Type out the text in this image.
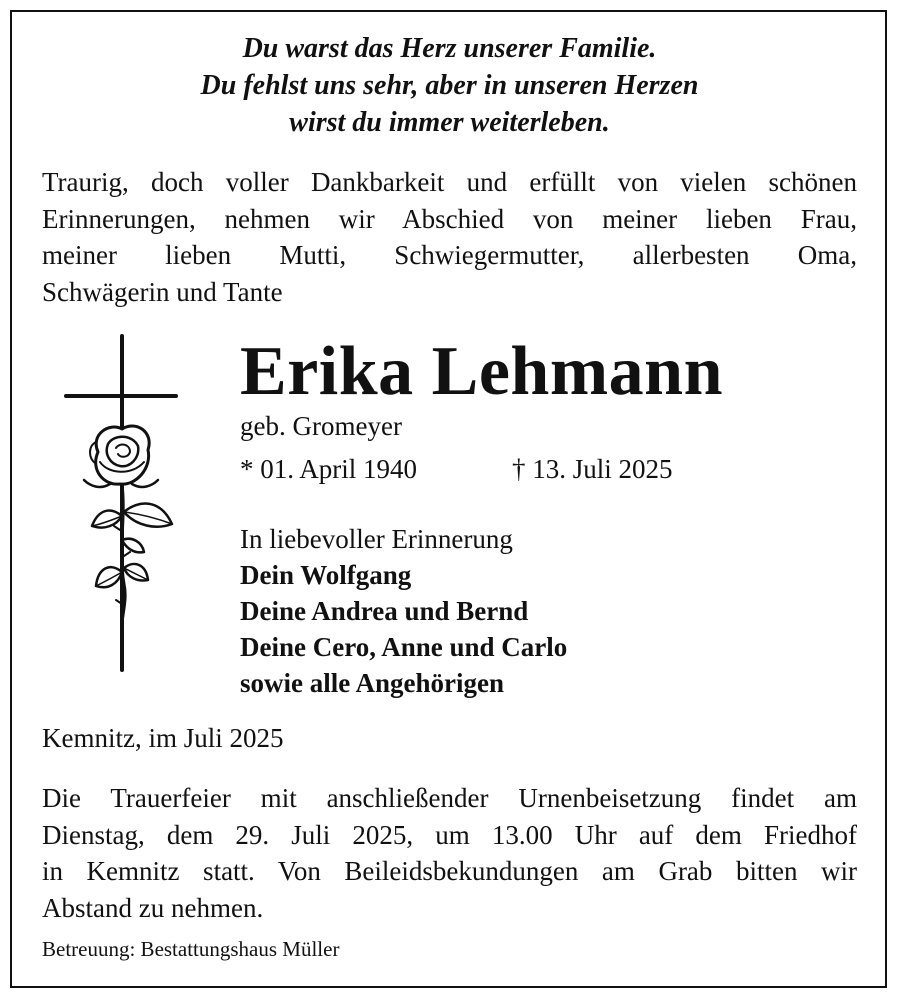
Du warst das Herz unserer Familie.
Du fehlst uns sehr, aber in unseren Herzen
wirst du immer weiterleben.
Traurig, doch voller Dankbarkeit und erfüllt von vielen schönen
Erinnerungen, nehmen wir Abschied von meiner lieben Frau,
meiner lieben Mutti, Schwiegermutter, allerbesten Oma,
Schwägerin und Tante
Erika Lehmann
geb. Gromeyer
* 01. April 1940	† 13. Juli 2025
In liebevoller Erinnerung
Dein Wolfgang
Deine Andrea und Bernd
Deine Cero, Anne und Carlo
sowie alle Angehörigen
Kemnitz, im Juli 2025
Die Trauerfeier mit anschließender Urnenbeisetzung findet am
Dienstag, dem 29. Juli 2025, um 13.00 Uhr auf dem Friedhof
in Kemnitz statt. Von Beileidsbekundungen am Grab bitten wir
Abstand zu nehmen.
Betreuung: Bestattungshaus Müller
